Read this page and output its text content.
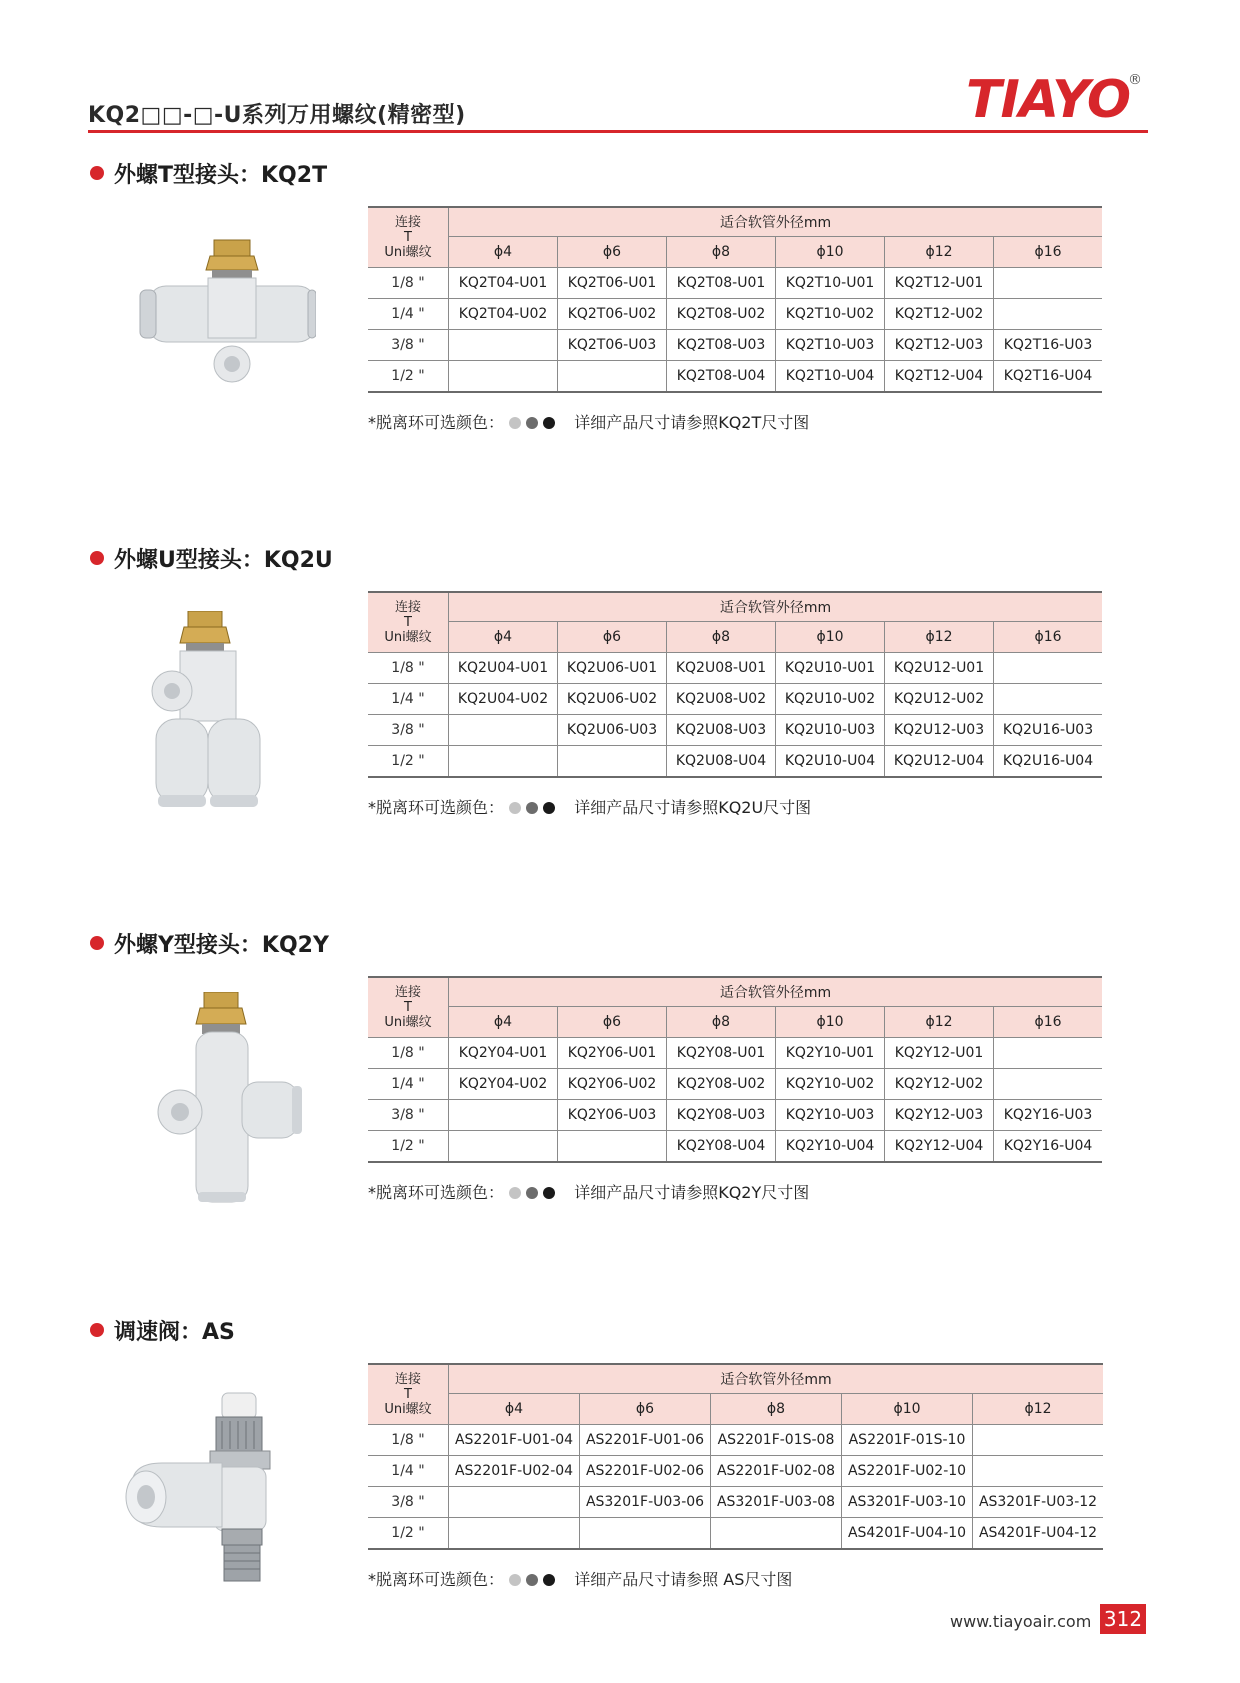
KQ2□□-□-U系列万用螺纹(精密型)	TIAYO
®
外螺T型接头：KQ2T
连接
T
Uni螺纹	适合软管外径mm					
	ϕ4	ϕ6	ϕ8	ϕ10	ϕ12	ϕ16
1/8 "	KQ2T04-U01	KQ2T06-U01	KQ2T08-U01	KQ2T10-U01	KQ2T12-U01	
1/4 "	KQ2T04-U02	KQ2T06-U02	KQ2T08-U02	KQ2T10-U02	KQ2T12-U02	
3/8 "		KQ2T06-U03	KQ2T08-U03	KQ2T10-U03	KQ2T12-U03	KQ2T16-U03
1/2 "			KQ2T08-U04	KQ2T10-U04	KQ2T12-U04	KQ2T16-U04
*脱离环可选颜色：	详细产品尺寸请参照KQ2T尺寸图
外螺U型接头：KQ2U
连接
T
Uni螺纹	适合软管外径mm					
	ϕ4	ϕ6	ϕ8	ϕ10	ϕ12	ϕ16
1/8 "	KQ2U04-U01	KQ2U06-U01	KQ2U08-U01	KQ2U10-U01	KQ2U12-U01	
1/4 "	KQ2U04-U02	KQ2U06-U02	KQ2U08-U02	KQ2U10-U02	KQ2U12-U02	
3/8 "		KQ2U06-U03	KQ2U08-U03	KQ2U10-U03	KQ2U12-U03	KQ2U16-U03
1/2 "			KQ2U08-U04	KQ2U10-U04	KQ2U12-U04	KQ2U16-U04
*脱离环可选颜色：	详细产品尺寸请参照KQ2U尺寸图
外螺Y型接头：KQ2Y
连接
T
Uni螺纹	适合软管外径mm					
	ϕ4	ϕ6	ϕ8	ϕ10	ϕ12	ϕ16
1/8 "	KQ2Y04-U01	KQ2Y06-U01	KQ2Y08-U01	KQ2Y10-U01	KQ2Y12-U01	
1/4 "	KQ2Y04-U02	KQ2Y06-U02	KQ2Y08-U02	KQ2Y10-U02	KQ2Y12-U02	
3/8 "		KQ2Y06-U03	KQ2Y08-U03	KQ2Y10-U03	KQ2Y12-U03	KQ2Y16-U03
1/2 "			KQ2Y08-U04	KQ2Y10-U04	KQ2Y12-U04	KQ2Y16-U04
*脱离环可选颜色：	详细产品尺寸请参照KQ2Y尺寸图
调速阀：AS
连接
T
Uni螺纹	适合软管外径mm				
	ϕ4	ϕ6	ϕ8	ϕ10	ϕ12
1/8 "	AS2201F-U01-04	AS2201F-U01-06	AS2201F-01S-08	AS2201F-01S-10	
1/4 "	AS2201F-U02-04	AS2201F-U02-06	AS2201F-U02-08	AS2201F-U02-10	
3/8 "		AS3201F-U03-06	AS3201F-U03-08	AS3201F-U03-10	AS3201F-U03-12
1/2 "				AS4201F-U04-10	AS4201F-U04-12
*脱离环可选颜色：	详细产品尺寸请参照 AS尺寸图
www.tiayoair.com 312
